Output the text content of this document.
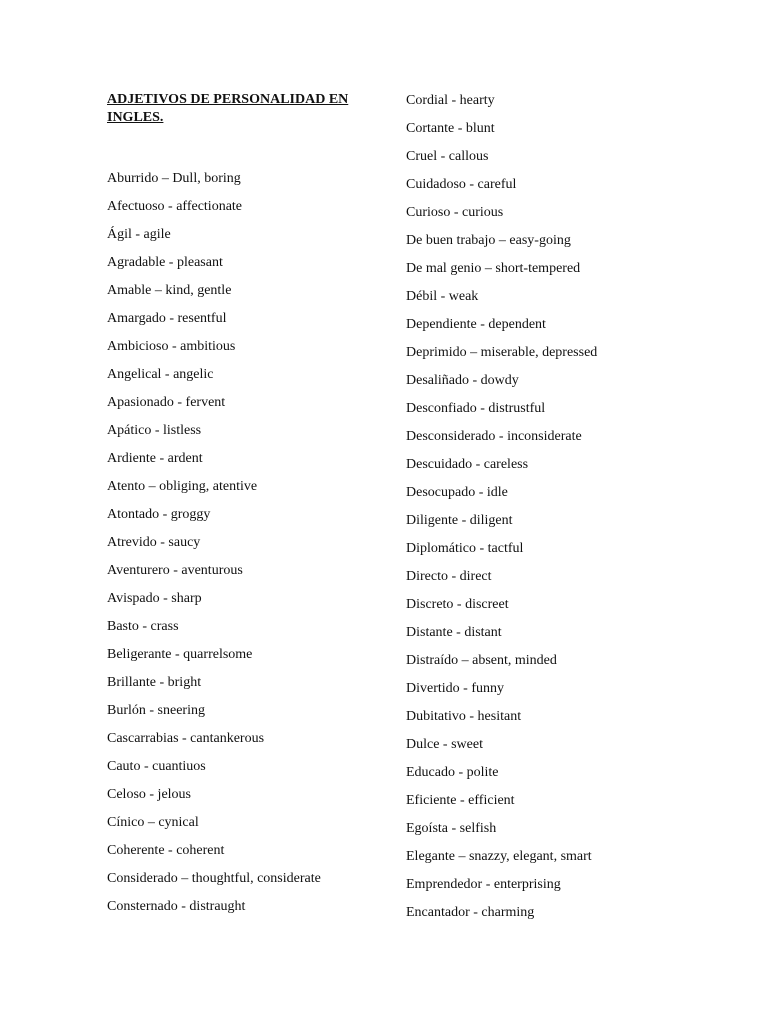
ADJETIVOS DE PERSONALIDAD EN INGLES.
Aburrido – Dull, boring
Afectuoso - affectionate
Ágil - agile
Agradable - pleasant
Amable – kind, gentle
Amargado - resentful
Ambicioso - ambitious
Angelical - angelic
Apasionado - fervent
Apático - listless
Ardiente - ardent
Atento – obliging, atentive
Atontado - groggy
Atrevido - saucy
Aventurero - aventurous
Avispado - sharp
Basto - crass
Beligerante - quarrelsome
Brillante - bright
Burlón - sneering
Cascarrabias - cantankerous
Cauto - cuantiuos
Celoso - jelous
Cínico – cynical
Coherente - coherent
Considerado – thoughtful, considerate
Consternado - distraught
Cordial - hearty
Cortante - blunt
Cruel - callous
Cuidadoso - careful
Curioso - curious
De buen trabajo – easy-going
De mal genio – short-tempered
Débil - weak
Dependiente - dependent
Deprimido – miserable, depressed
Desaliñado - dowdy
Desconfiado - distrustful
Desconsiderado - inconsiderate
Descuidado - careless
Desocupado - idle
Diligente - diligent
Diplomático - tactful
Directo - direct
Discreto - discreet
Distante - distant
Distraído – absent, minded
Divertido - funny
Dubitativo - hesitant
Dulce - sweet
Educado - polite
Eficiente - efficient
Egoísta - selfish
Elegante – snazzy, elegant, smart
Emprendedor - enterprising
Encantador - charming
